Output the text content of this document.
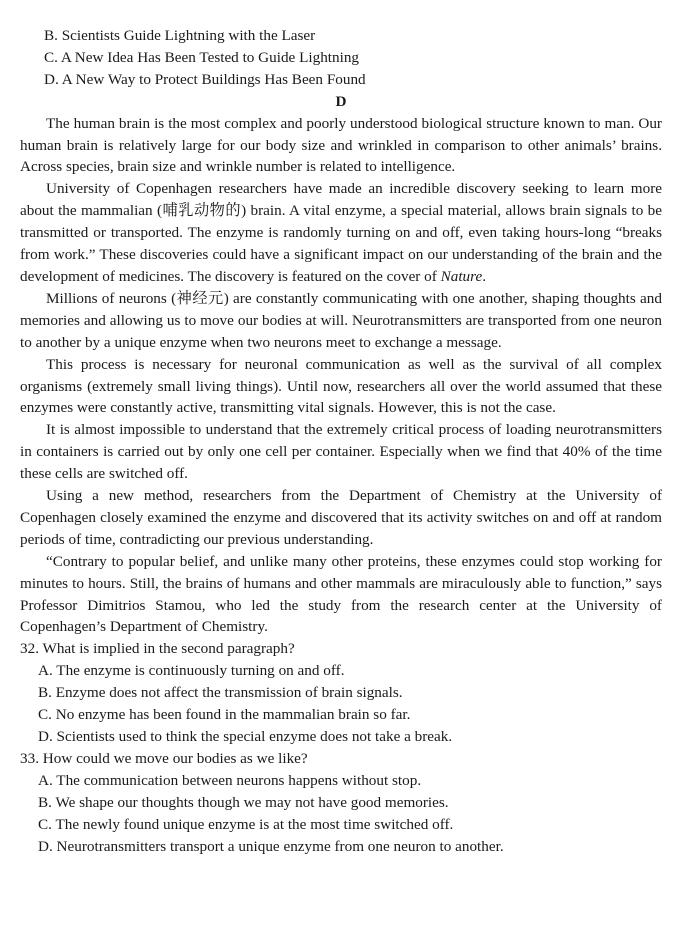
B. Scientists Guide Lightning with the Laser
C. A New Idea Has Been Tested to Guide Lightning
D. A New Way to Protect Buildings Has Been Found
D

The human brain is the most complex and poorly understood biological structure known to man. Our human brain is relatively large for our body size and wrinkled in comparison to other animals’ brains. Across species, brain size and wrinkle number is related to intelligence.

University of Copenhagen researchers have made an incredible discovery seeking to learn more about the mammalian (哺乳动物的) brain. A vital enzyme, a special material, allows brain signals to be transmitted or transported. The enzyme is randomly turning on and off, even taking hours-long “breaks from work.” These discoveries could have a significant impact on our understanding of the brain and the development of medicines. The discovery is featured on the cover of Nature.

Millions of neurons (神经元) are constantly communicating with one another, shaping thoughts and memories and allowing us to move our bodies at will. Neurotransmitters are transported from one neuron to another by a unique enzyme when two neurons meet to exchange a message.

This process is necessary for neuronal communication as well as the survival of all complex organisms (extremely small living things). Until now, researchers all over the world assumed that these enzymes were constantly active, transmitting vital signals. However, this is not the case.

It is almost impossible to understand that the extremely critical process of loading neurotransmitters in containers is carried out by only one cell per container. Especially when we find that 40% of the time these cells are switched off.

Using a new method, researchers from the Department of Chemistry at the University of Copenhagen closely examined the enzyme and discovered that its activity switches on and off at random periods of time, contradicting our previous understanding.

“Contrary to popular belief, and unlike many other proteins, these enzymes could stop working for minutes to hours. Still, the brains of humans and other mammals are miraculously able to function,” says Professor Dimitrios Stamou, who led the study from the research center at the University of Copenhagen’s Department of Chemistry.

32. What is implied in the second paragraph?
A. The enzyme is continuously turning on and off.
B. Enzyme does not affect the transmission of brain signals.
C. No enzyme has been found in the mammalian brain so far.
D. Scientists used to think the special enzyme does not take a break.
33. How could we move our bodies as we like?
A. The communication between neurons happens without stop.
B. We shape our thoughts though we may not have good memories.
C. The newly found unique enzyme is at the most time switched off.
D. Neurotransmitters transport a unique enzyme from one neuron to another.
